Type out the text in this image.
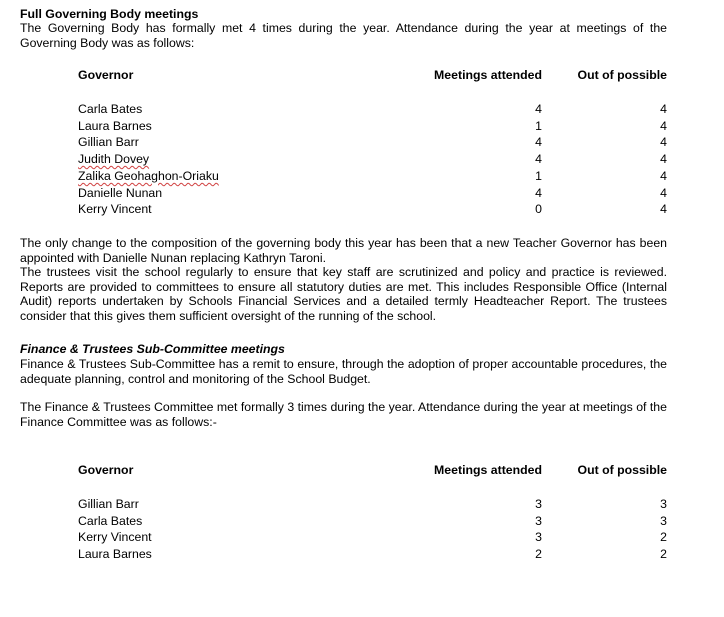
Full Governing Body meetings

The Governing Body has formally met 4 times during the year. Attendance during the year at meetings of the Governing Body was as follows:

Governor	Meetings attended	Out of possible
Carla Bates	4	4
Laura Barnes	1	4
Gillian Barr	4	4
Judith Dovey	4	4
Zalika Geohaghon-Oriaku	1	4
Danielle Nunan	4	4
Kerry Vincent	0	4

The only change to the composition of the governing body this year has been that a new Teacher Governor has been appointed with Danielle Nunan replacing Kathryn Taroni.

The trustees visit the school regularly to ensure that key staff are scrutinized and policy and practice is reviewed. Reports are provided to committees to ensure all statutory duties are met. This includes Responsible Office (Internal Audit) reports undertaken by Schools Financial Services and a detailed termly Headteacher Report. The trustees consider that this gives them sufficient oversight of the running of the school.

Finance & Trustees Sub-Committee meetings

Finance & Trustees Sub-Committee has a remit to ensure, through the adoption of proper accountable procedures, the adequate planning, control and monitoring of the School Budget.

The Finance & Trustees Committee met formally 3 times during the year. Attendance during the year at meetings of the Finance Committee was as follows:-

Governor	Meetings attended	Out of possible
Gillian Barr	3	3
Carla Bates	3	3
Kerry Vincent	3	2
Laura Barnes	2	2
